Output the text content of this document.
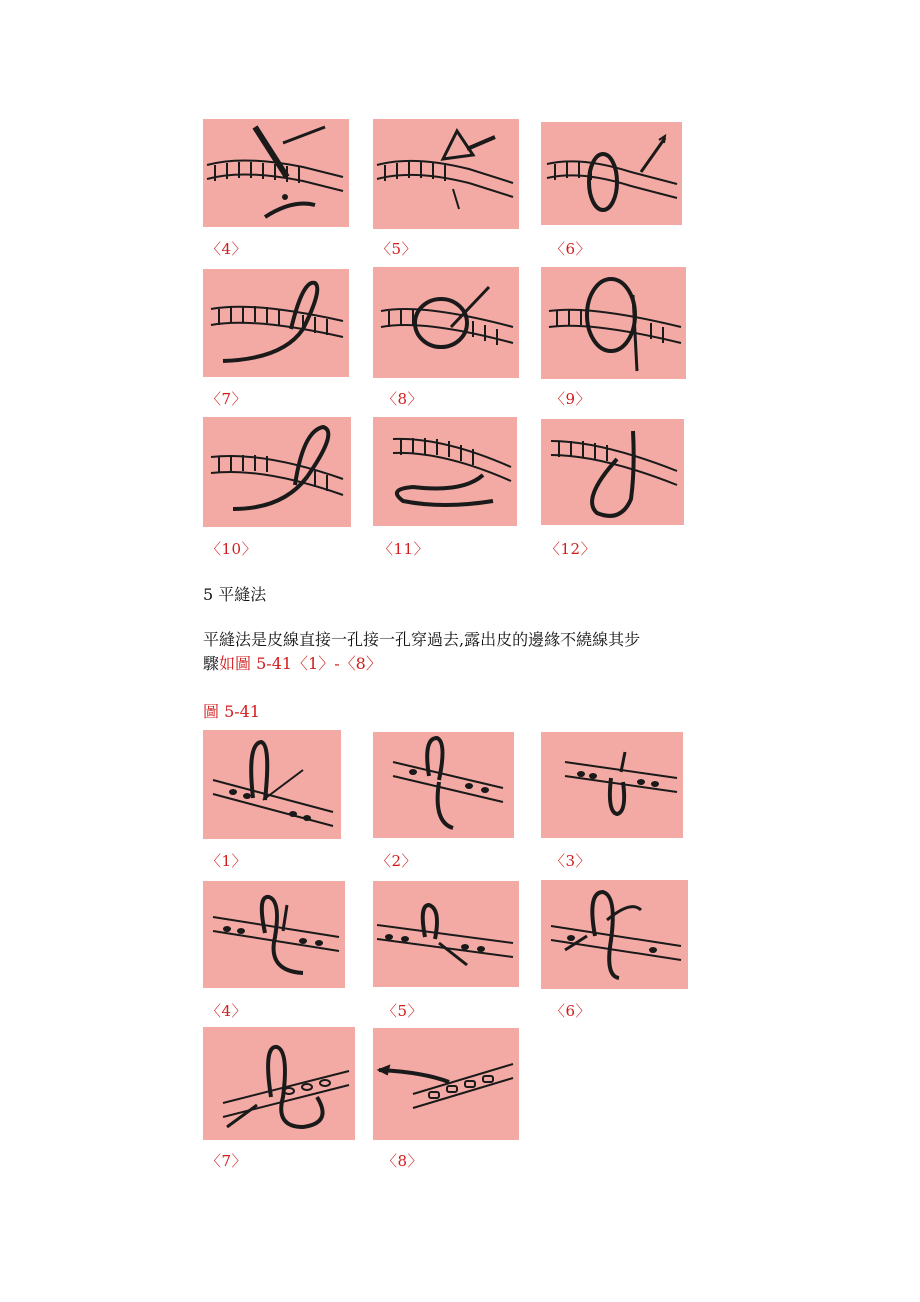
〈4〉	〈5〉	〈6〉
〈7〉	〈8〉	〈9〉
〈10〉	〈11〉	〈12〉
5 平縫法
平縫法是皮線直接一孔接一孔穿過去,露出皮的邊緣不繞線其步
驟如圖 5-41〈1〉-〈8〉
圖 5-41
〈1〉	〈2〉	〈3〉
〈4〉	〈5〉	〈6〉
〈7〉	〈8〉
